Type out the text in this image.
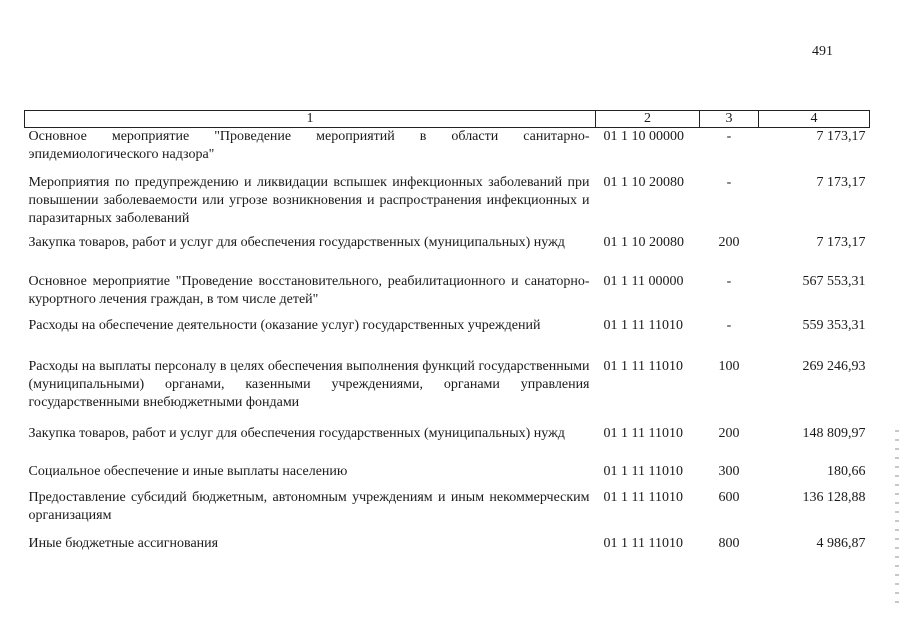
491
1	2	3	4
Основное мероприятие "Проведение мероприятий в области санитарно-эпидемиологического надзора"	01 1 10 00000	-	7 173,17
Мероприятия по предупреждению и ликвидации вспышек инфекционных заболеваний при повышении заболеваемости или угрозе возникновения и распространения инфекционных и паразитарных заболеваний	01 1 10 20080	-	7 173,17
Закупка товаров, работ и услуг для обеспечения государственных (муниципальных) нужд	01 1 10 20080	200	7 173,17
Основное мероприятие "Проведение восстановительного, реабилитационного и санаторно-курортного лечения граждан, в том числе детей"	01 1 11 00000	-	567 553,31
Расходы на обеспечение деятельности (оказание услуг) государственных учреждений	01 1 11 11010	-	559 353,31
Расходы на выплаты персоналу в целях обеспечения выполнения функций государственными (муниципальными) органами, казенными учреждениями, органами управления государственными внебюджетными фондами	01 1 11 11010	100	269 246,93
Закупка товаров, работ и услуг для обеспечения государственных (муниципальных) нужд	01 1 11 11010	200	148 809,97
Социальное обеспечение и иные выплаты населению	01 1 11 11010	300	180,66
Предоставление субсидий бюджетным, автономным учреждениям и иным некоммерческим организациям	01 1 11 11010	600	136 128,88
Иные бюджетные ассигнования	01 1 11 11010	800	4 986,87
